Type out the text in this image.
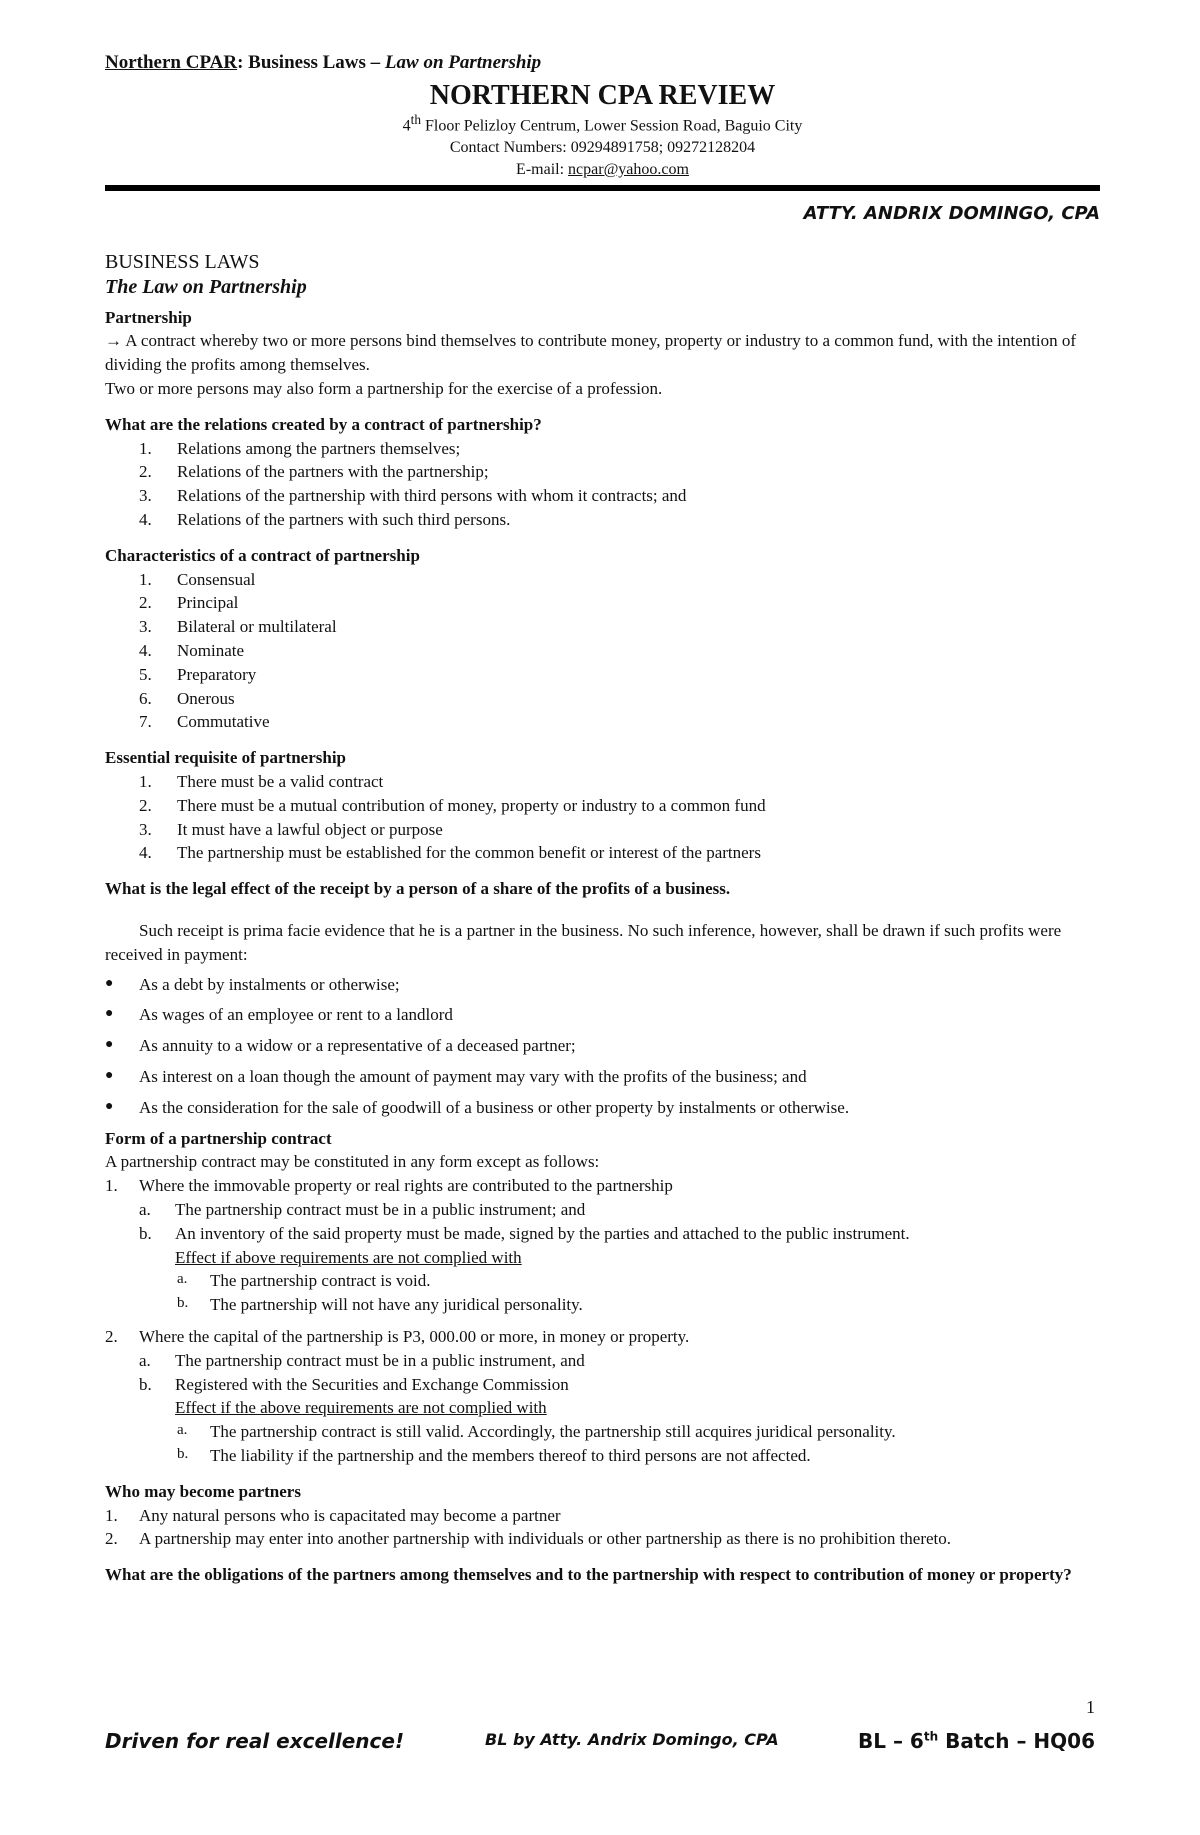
Northern CPAR: Business Laws – Law on Partnership
NORTHERN CPA REVIEW
4th Floor Pelizloy Centrum, Lower Session Road, Baguio City
Contact Numbers: 09294891758; 09272128204
E-mail: ncpar@yahoo.com
ATTY. ANDRIX DOMINGO, CPA
BUSINESS LAWS
The Law on Partnership
Partnership

→ A contract whereby two or more persons bind themselves to contribute money, property or industry to a common fund, with the intention of dividing the profits among themselves.

Two or more persons may also form a partnership for the exercise of a profession.

What are the relations created by a contract of partnership?
1. Relations among the partners themselves;
2. Relations of the partners with the partnership;
3. Relations of the partnership with third persons with whom it contracts; and
4. Relations of the partners with such third persons.
Characteristics of a contract of partnership
1. Consensual
2. Principal
3. Bilateral or multilateral
4. Nominate
5. Preparatory
6. Onerous
7. Commutative
Essential requisite of partnership
1. There must be a valid contract
2. There must be a mutual contribution of money, property or industry to a common fund
3. It must have a lawful object or purpose
4. The partnership must be established for the common benefit or interest of the partners
What is the legal effect of the receipt by a person of a share of the profits of a business.

Such receipt is prima facie evidence that he is a partner in the business. No such inference, however, shall be drawn if such profits were received in payment:

● As a debt by instalments or otherwise;
● As wages of an employee or rent to a landlord
● As annuity to a widow or a representative of a deceased partner;
● As interest on a loan though the amount of payment may vary with the profits of the business; and
● As the consideration for the sale of goodwill of a business or other property by instalments or otherwise.
Form of a partnership contract

A partnership contract may be constituted in any form except as follows:

1. Where the immovable property or real rights are contributed to the partnership
a. The partnership contract must be in a public instrument; and
b. An inventory of the said property must be made, signed by the parties and attached to the public instrument.
Effect if above requirements are not complied with
a. The partnership contract is void.
b. The partnership will not have any juridical personality.
2. Where the capital of the partnership is P3, 000.00 or more, in money or property.
a. The partnership contract must be in a public instrument, and
b. Registered with the Securities and Exchange Commission
Effect if the above requirements are not complied with
a. The partnership contract is still valid. Accordingly, the partnership still acquires juridical personality.
b. The liability if the partnership and the members thereof to third persons are not affected.
Who may become partners
1. Any natural persons who is capacitated may become a partner
2. A partnership may enter into another partnership with individuals or other partnership as there is no prohibition thereto.
What are the obligations of the partners among themselves and to the partnership with respect to contribution of money or property?
1
Driven for real excellence!	BL by Atty. Andrix Domingo, CPA	BL – 6th Batch – HQ06
